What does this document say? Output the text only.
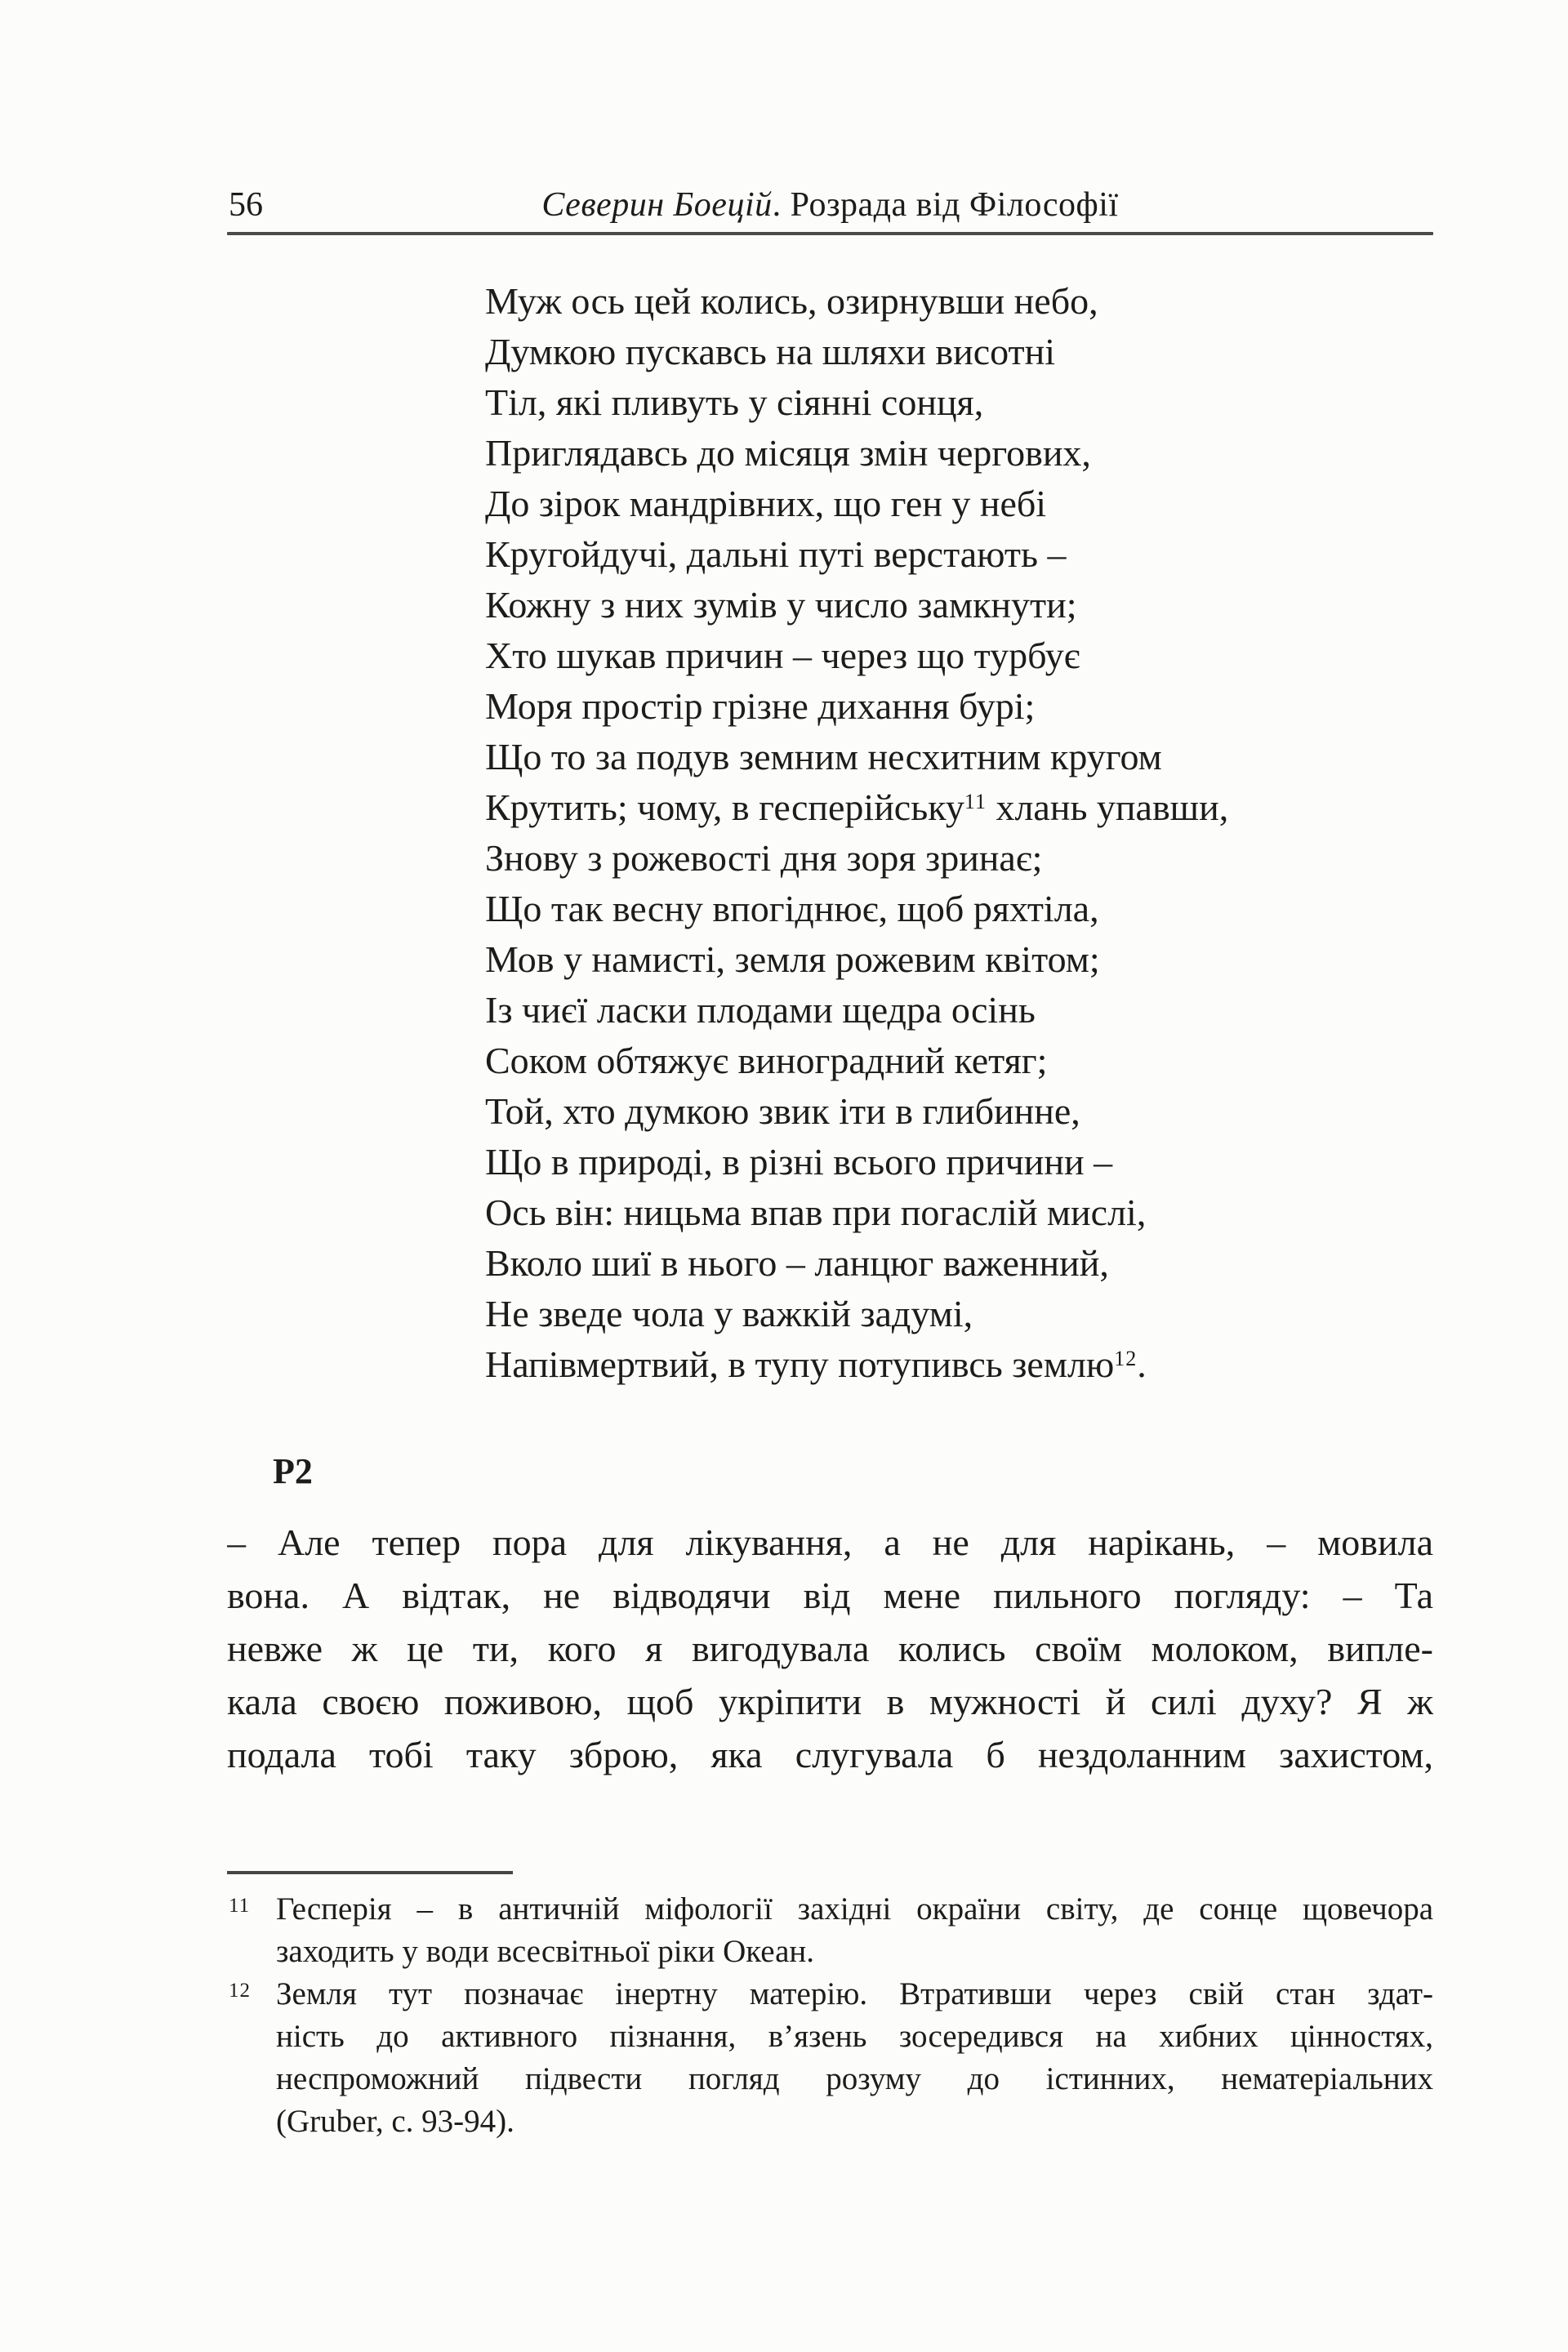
56	Северин Боецій. Розрада від Філософії
Муж ось цей колись, озирнувши небо,
Думкою пускавсь на шляхи висотні
Тіл, які пливуть у сіянні сонця,
Приглядавсь до місяця змін чергових,
До зірок мандрівних, що ген у небі
Кругойдучі, дальні путі верстають –
Кожну з них зумів у число замкнути;
Хто шукав причин – через що турбує
Моря простір грізне дихання бурі;
Що то за подув земним несхитним кругом
Крутить; чому, в гесперійську$^{11}$ хлань упавши,
Знову з рожевості дня зоря зринає;
Що так весну впогіднює, щоб ряхтіла,
Мов у намисті, земля рожевим квітом;
Із чиєї ласки плодами щедра осінь
Соком обтяжує виноградний кетяг;
Той, хто думкою звик іти в глибинне,
Що в природі, в різні всього причини –
Ось він: ницьма впав при погаслій мислі,
Вколо шиї в нього – ланцюг важенний,
Не зведе чола у важкій задумі,
Напівмертвий, в тупу потупивсь землю$^{12}$.
Р2
– Але тепер пора для лікування, а не для нарікань, – мовила
вона. А відтак, не відводячи від мене пильного погляду: – Та
невже ж це ти, кого я вигодувала колись своїм молоком, випле-
кала своєю поживою, щоб укріпити в мужності й силі духу? Я ж
подала тобі таку зброю, яка слугувала б нездоланним захистом,
11 Гесперія – в античній міфології західні окраїни світу, де сонце щовечора
заходить у води всесвітньої ріки Океан.
12 Земля тут позначає інертну матерію. Втративши через свій стан здат-
ність до активного пізнання, в’язень зосередився на хибних цінностях,
неспроможний підвести погляд розуму до істинних, нематеріальних
(Gruber, с. 93-94).
